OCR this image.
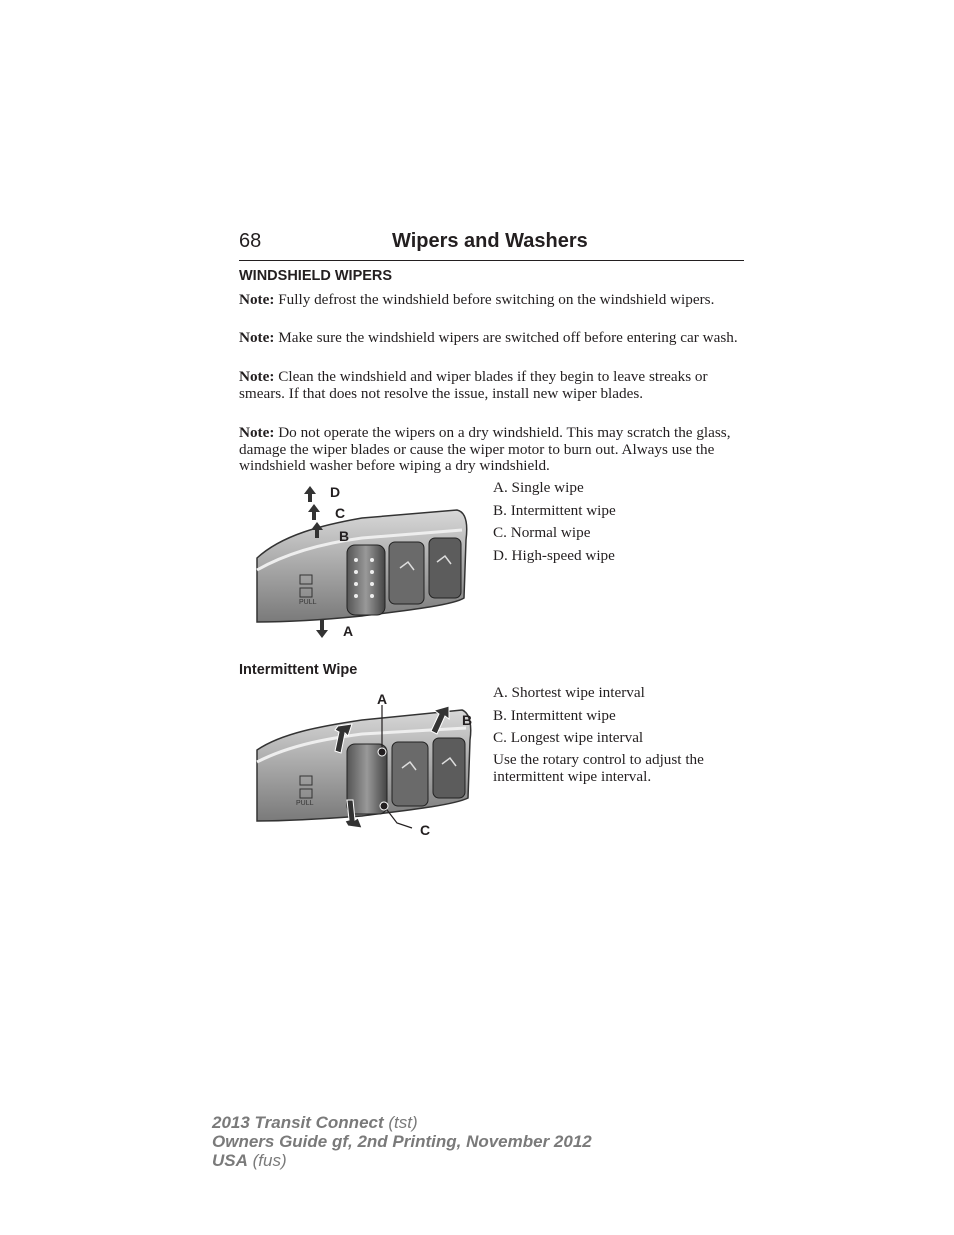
68	Wipers and Washers
WINDSHIELD WIPERS

Note: Fully defrost the windshield before switching on the windshield wipers.

Note: Make sure the windshield wipers are switched off before entering car wash.

Note: Clean the windshield and wiper blades if they begin to leave streaks or smears. If that does not resolve the issue, install new wiper blades.

Note: Do not operate the wipers on a dry windshield. This may scratch the glass, damage the wiper blades or cause the wiper motor to burn out. Always use the windshield washer before wiping a dry windshield.

PULL
D
C
B
A
A. Single wipe
B. Intermittent wipe
C. Normal wipe
D. High-speed wipe
Intermittent Wipe
PULL
A
B
C
A. Shortest wipe interval
B. Intermittent wipe
C. Longest wipe interval

Use the rotary control to adjust the intermittent wipe interval.

2013 Transit Connect (tst)
Owners Guide gf, 2nd Printing, November 2012
USA (fus)
